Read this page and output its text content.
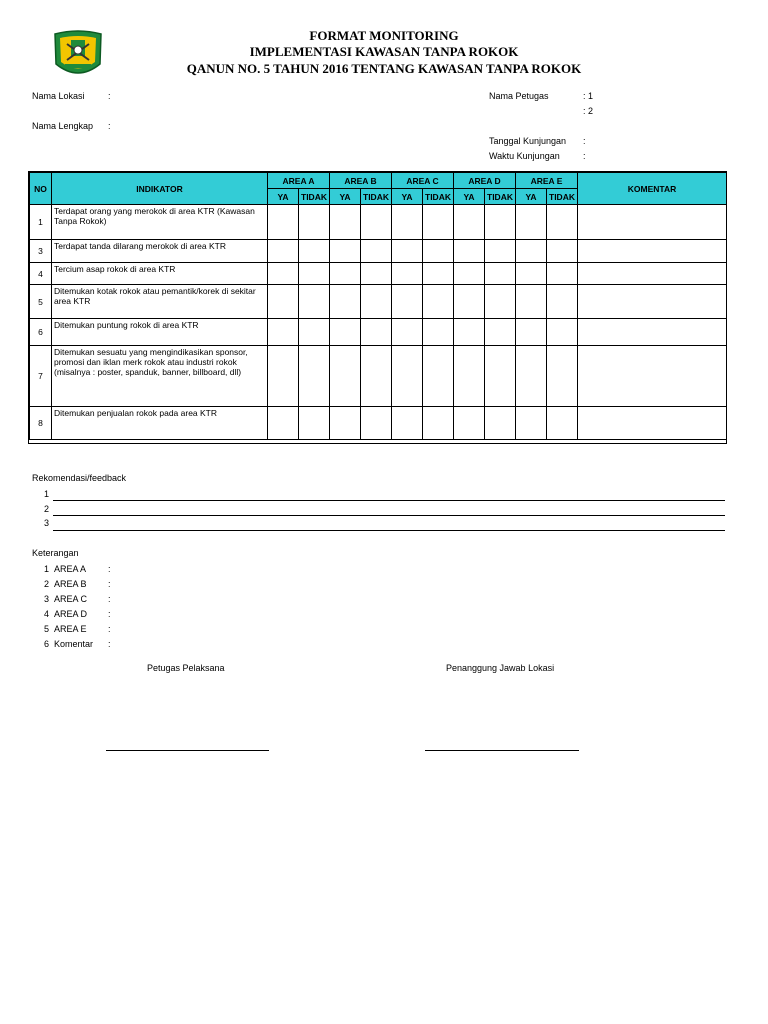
FORMAT MONITORING
IMPLEMENTASI KAWASAN TANPA ROKOK
QANUN NO. 5 TAHUN 2016 TENTANG KAWASAN TANPA ROKOK
Nama Lokasi	:
Nama Lengkap :
Nama Petugas	: 1
: 2
Tanggal Kunjungan :
Waktu Kunjungan	:
NO	INDIKATOR	AREA A		AREA B		AREA C		AREA D		AREA E		KOMENTAR
		YA	TIDAK	YA	TIDAK	YA	TIDAK	YA	TIDAK	YA	TIDAK	
1	Terdapat orang yang merokok di area KTR (Kawasan Tanpa Rokok)											
3	Terdapat tanda dilarang merokok di area KTR											
4	Tercium asap rokok di area KTR											
5	Ditemukan kotak rokok atau pemantik/korek di sekitar area KTR											
6	Ditemukan puntung rokok di area KTR											
7	Ditemukan sesuatu yang mengindikasikan sponsor, promosi dan iklan merk rokok atau industri rokok (misalnya : poster, spanduk, banner, billboard, dll)											
8	Ditemukan penjualan rokok pada area KTR											
Rekomendasi/feedback
1
2
3
Keterangan
1 AREA A :
2 AREA B :
3 AREA C :
4 AREA D :
5 AREA E :
6 Komentar :
Petugas Pelaksana	Penanggung Jawab Lokasi
